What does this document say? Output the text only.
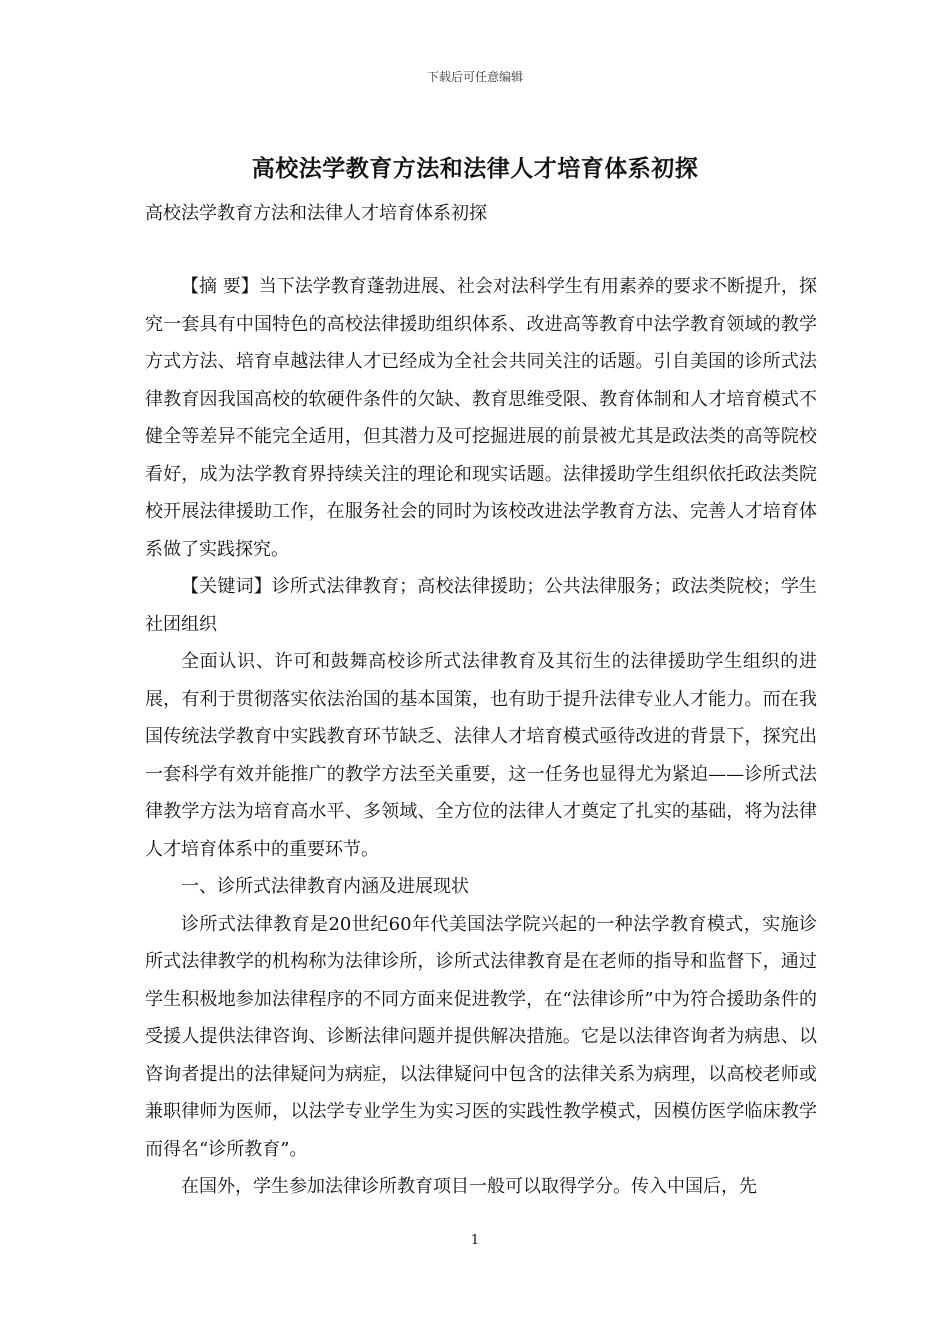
下载后可任意编辑
高校法学教育方法和法律人才培育体系初探
高校法学教育方法和法律人才培育体系初探

【摘 要】当下法学教育蓬勃进展、社会对法科学生有用素养的要求不断提升，探究一套具有中国特色的高校法律援助组织体系、改进高等教育中法学教育领域的教学方式方法、培育卓越法律人才已经成为全社会共同关注的话题。引自美国的诊所式法律教育因我国高校的软硬件条件的欠缺、教育思维受限、教育体制和人才培育模式不健全等差异不能完全适用，但其潜力及可挖掘进展的前景被尤其是政法类的高等院校看好，成为法学教育界持续关注的理论和现实话题。法律援助学生组织依托政法类院校开展法律援助工作，在服务社会的同时为该校改进法学教育方法、完善人才培育体系做了实践探究。

【关键词】诊所式法律教育；高校法律援助；公共法律服务；政法类院校；学生社团组织

全面认识、许可和鼓舞高校诊所式法律教育及其衍生的法律援助学生组织的进展，有利于贯彻落实依法治国的基本国策，也有助于提升法律专业人才能力。而在我国传统法学教育中实践教育环节缺乏、法律人才培育模式亟待改进的背景下，探究出一套科学有效并能推广的教学方法至关重要，这一任务也显得尤为紧迫——诊所式法律教学方法为培育高水平、多领域、全方位的法律人才奠定了扎实的基础，将为法律人才培育体系中的重要环节。

一、诊所式法律教育内涵及进展现状

诊所式法律教育是20世纪60年代美国法学院兴起的一种法学教育模式，实施诊所式法律教学的机构称为法律诊所，诊所式法律教育是在老师的指导和监督下，通过学生积极地参加法律程序的不同方面来促进教学，在“法律诊所”中为符合援助条件的受援人提供法律咨询、诊断法律问题并提供解决措施。它是以法律咨询者为病患、以咨询者提出的法律疑问为病症，以法律疑问中包含的法律关系为病理，以高校老师或兼职律师为医师，以法学专业学生为实习医的实践性教学模式，因模仿医学临床教学而得名“诊所教育”。

在国外，学生参加法律诊所教育项目一般可以取得学分。传入中国后，先

1
